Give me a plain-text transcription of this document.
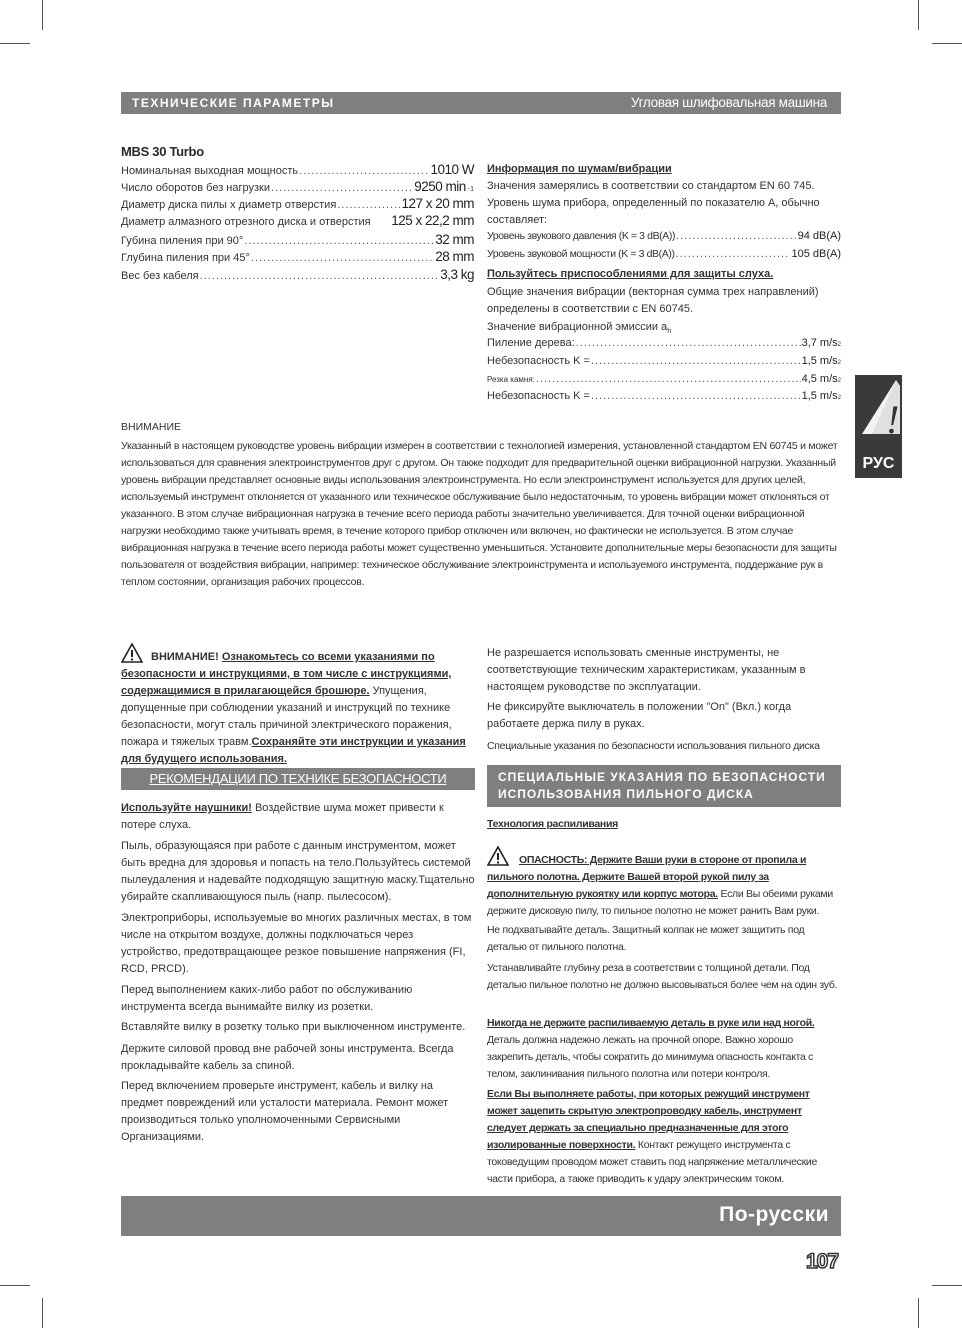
ТЕХНИЧЕСКИЕ ПАРАМЕТРЫ	Угловая шлифовальная машина
MBS 30 Turbo
Номинальная выходная мощность .....	1010 W
Число оборотов без нагрузки .....	9250 min $_{-1}$
Диаметр диска пилы x диаметр отверстия .....	127 x 20 mm
Диаметр алмазного отрезного диска и отверстия 125 x 22,2 mm
Губина пиления при 90° .....	32 mm
Глубина пиления при 45° .....	28 mm
Вес без кабеля .....	3,3 kg
Информация по шумам/вибрации
Значения замерялись в соответствии со стандартом EN 60 745.
Уровень шума прибора, определенный по показателю А, обычно составляет:
Уровень звукового давления (K = 3 dB(A)) .....	94 dB(A)
Уровень звуковой мощности (K = 3 dB(A)) .....	105 dB(A)
Пользуйтесь приспособлениями для защиты слуха.
Общие значения вибрации (векторная сумма трех направлений) определены в соответствии с EN 60745.
Значение вибрационной эмиссии $a_h$
Пиление дерева: .....	3,7 m/s 2
Небезопасность K = .....	1,5 m/s 2
Резка камня: .....	4,5 m/s 2
Небезопасность K = .....	1,5 m/s 2 !
РУС
ВНИМАНИЕ
Указанный в настоящем руководстве уровень вибрации измерен в соответствии с технологией измерения, установленной стандартом EN 60745 и может использоваться для сравнения электроинструментов друг с другом. Он также подходит для предварительной оценки вибрационной нагрузки. Указанный уровень вибрации представляет основные виды использования электроинструмента. Но если электроинструмент используется для других целей, используемый инструмент отклоняется от указанного или техническое обслуживание было недостаточным, то уровень вибрации может отклоняться от указанного. В этом случае вибрационная нагрузка в течение всего периода работы значительно увеличивается. Для точной оценки вибрационной нагрузки необходимо также учитывать время, в течение которого прибор отключен или включен, но фактически не используется. В этом случае вибрационная нагрузка в течение всего периода работы может существенно уменьшиться. Установите дополнительные меры безопасности для защиты пользователя от воздействия вибрации, например: техническое обслуживание электроинструмента и используемого инструмента, поддержание рук в теплом состоянии, организация рабочих процессов.
ВНИМАНИЕ! Ознакомьтесь со всеми указаниями по безопасности и инструкциями, в том числе с инструкциями, содержащимися в прилагающейся брошюре. Упущения, допущенные при соблюдении указаний и инструкций по технике безопасности, могут сталь причиной электрического поражения, пожара и тяжелых травм.Сохраняйте эти инструкции и указания для будущего использования.
РЕКОМЕНДАЦИИ ПО ТЕХНИКЕ БЕЗОПАСНОСТИ
Используйте наушники! Воздействие шума может привести к потере слуха.
Пыль, образующаяся при работе с данным инструментом, может быть вредна для здоровья и попасть на тело.Пользуйтесь системой пылеудаления и надевайте подходящую защитную маску.Тщательно убирайте скапливающуюся пыль (напр. пылесосом).
Электроприборы, используемые во многих различных местах, в том числе на открытом воздухе, должны подключаться через устройство, предотвращающее резкое повышение напряжения (FI, RCD, PRCD).
Перед выполнением каких-либо работ по обслуживанию инструмента всегда вынимайте вилку из розетки.
Вставляйте вилку в розетку только при выключенном инструменте.
Держите силовой провод вне рабочей зоны инструмента. Всегда прокладывайте кабель за спиной.
Перед включением проверьте инструмент, кабель и вилку на предмет повреждений или усталости материала. Ремонт может производиться только уполномоченными Сервисными Организациями.
Не разрешается использовать сменные инструменты, не соответствующие техническим характеристикам, указанным в настоящем руководстве по эксплуатации.
Не фиксируйте выключатель в положении "On" (Вкл.) когда работаете держа пилу в руках.
Специальные указания по безопасности использования пильного диска
СПЕЦИАЛЬНЫЕ УКАЗАНИЯ ПО БЕЗОПАСНОСТИ ИСПОЛЬЗОВАНИЯ ПИЛЬНОГО ДИСКА
Технология распиливания
ОПАСНОСТЬ: Держите Ваши руки в стороне от пропила и пильного полотна. Держите Вашей второй рукой пилу за дополнительную рукоятку или корпус мотора. Если Вы обеими руками держите дисковую пилу, то пильное полотно не может ранить Вам руки.
Не подхватывайте деталь. Защитный колпак не может защитить под деталью от пильного полотна.
Устанавливайте глубину реза в соответствии с толщиной детали. Под деталью пильное полотно не должно высовываться более чем на один зуб.
Никогда не держите распиливаемую деталь в руке или над ногой. Деталь должна надежно лежать на прочной опоре. Важно хорошо закрепить деталь, чтобы сократить до минимума опасность контакта с телом, заклинивания пильного полотна или потери контроля.
Если Вы выполняете работы, при которых режущий инструмент может зацепить скрытую электропроводку кабель, инструмент следует держать за специально предназначенные для этого изолированные поверхности. Контакт режущего инструмента с токоведущим проводом может ставить под напряжение металлические части прибора, а также приводить к удару электрическим током.
По-русски
107
